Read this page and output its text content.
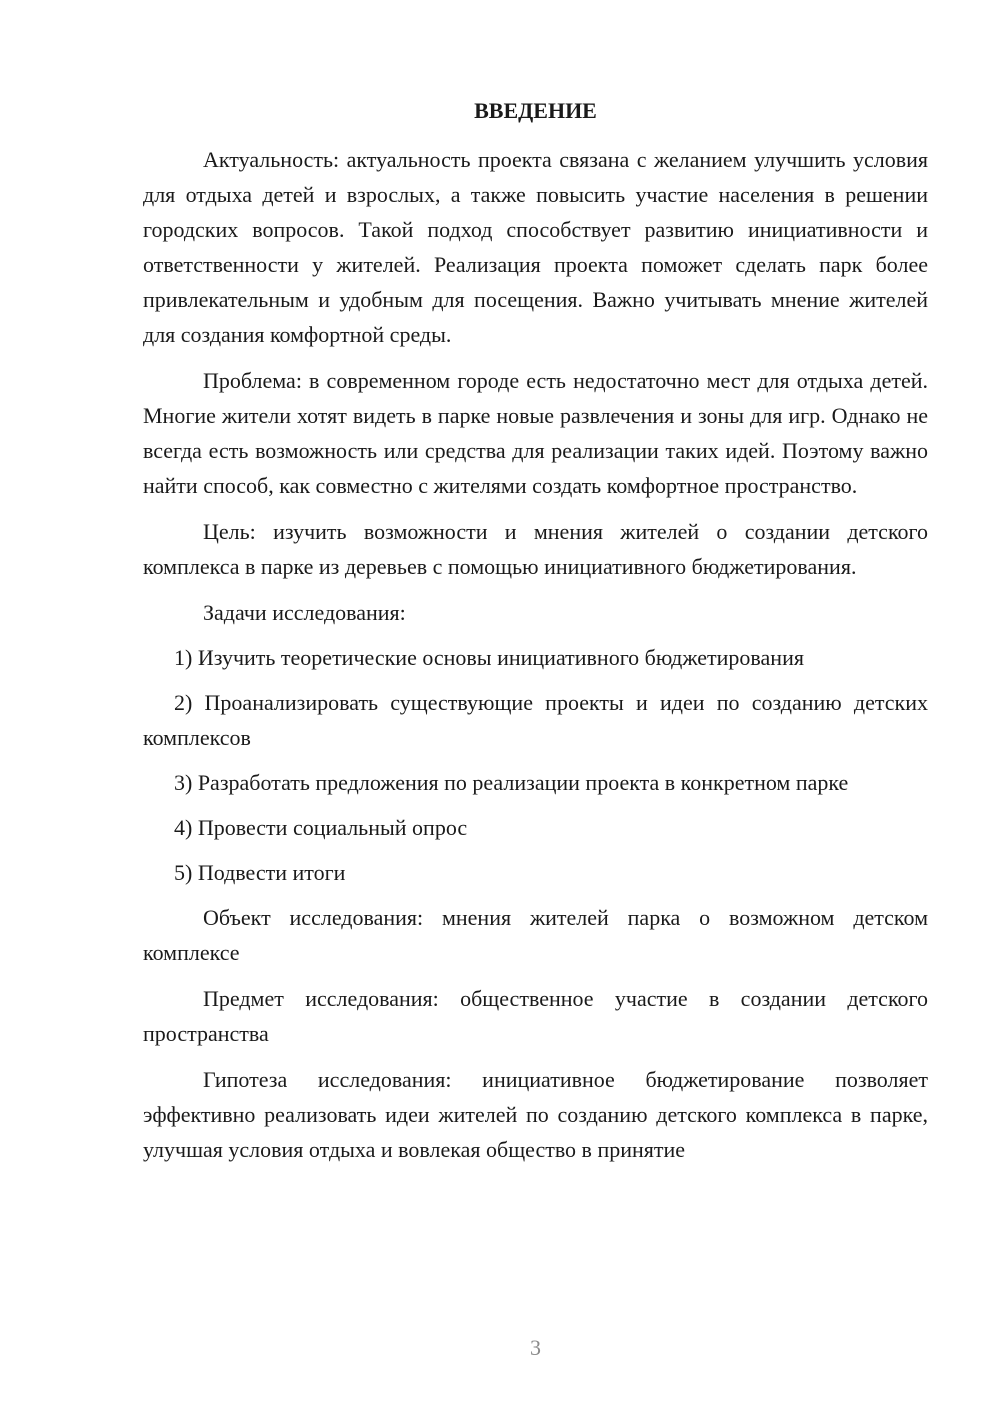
ВВЕДЕНИЕ

Актуальность: актуальность проекта связана с желанием улучшить условия для отдыха детей и взрослых, а также повысить участие населения в решении городских вопросов. Такой подход способствует развитию инициативности и ответственности у жителей. Реализация проекта поможет сделать парк более привлекательным и удобным для посещения. Важно учитывать мнение жителей для создания комфортной среды.

Проблема: в современном городе есть недостаточно мест для отдыха детей. Многие жители хотят видеть в парке новые развлечения и зоны для игр. Однако не всегда есть возможность или средства для реализации таких идей. Поэтому важно найти способ, как совместно с жителями создать комфортное пространство.

Цель: изучить возможности и мнения жителей о создании детского комплекса в парке из деревьев с помощью инициативного бюджетирования.

Задачи исследования:

1) Изучить теоретические основы инициативного бюджетирования

2) Проанализировать существующие проекты и идеи по созданию детских комплексов

3) Разработать предложения по реализации проекта в конкретном парке

4) Провести социальный опрос

5) Подвести итоги

Объект исследования: мнения жителей парка о возможном детском комплексе

Предмет исследования: общественное участие в создании детского пространства

Гипотеза исследования: инициативное бюджетирование позволяет эффективно реализовать идеи жителей по созданию детского комплекса в парке, улучшая условия отдыха и вовлекая общество в принятие

3
